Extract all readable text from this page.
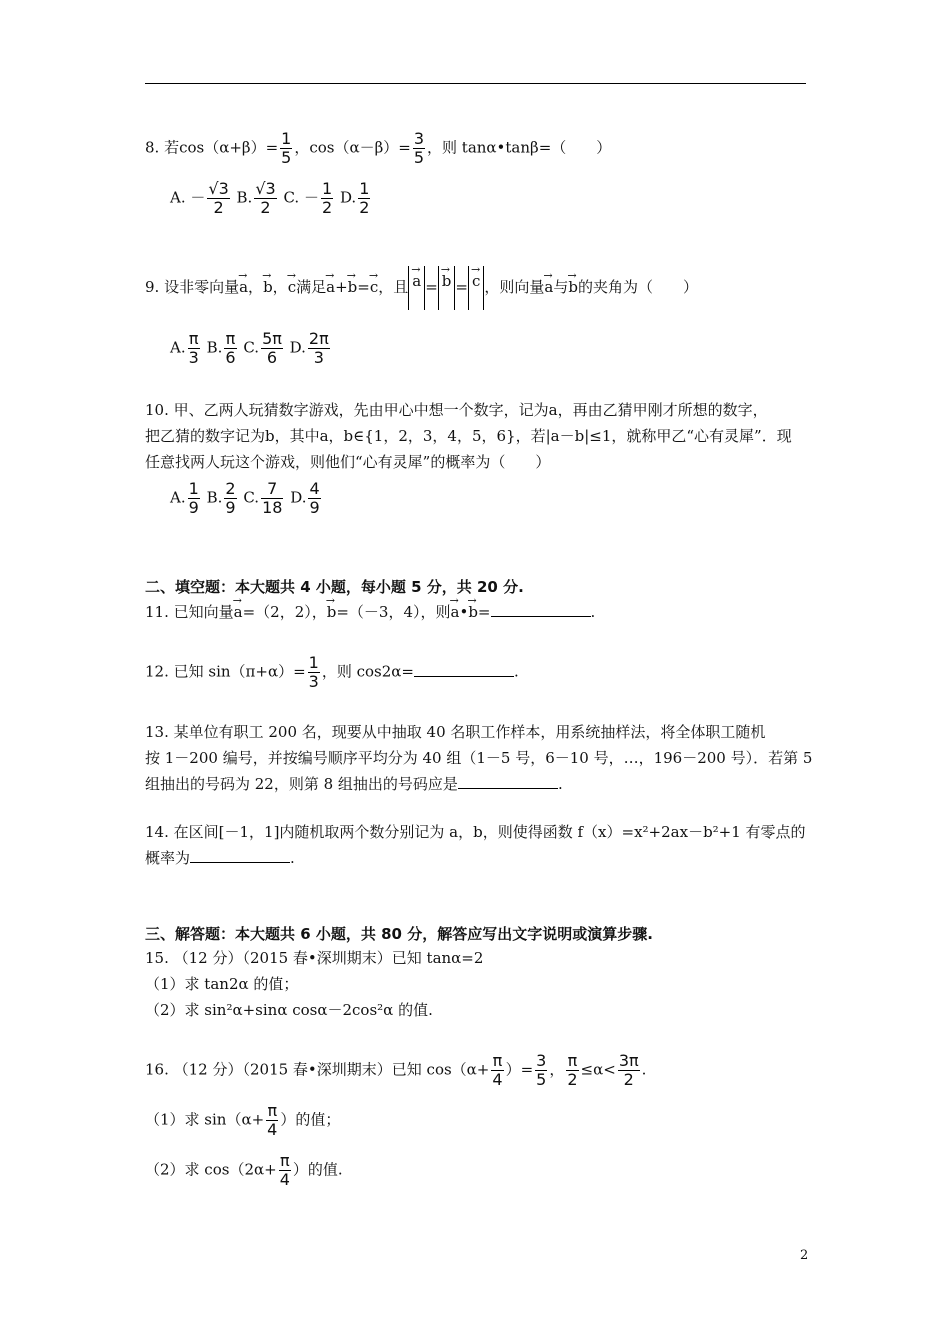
8. 若$\cos(\alpha+\beta)= \frac{1}{5}$ ，$\cos(\alpha-\beta)= \frac{3}{5}$ ，则 tanα•tanβ=（　　）
A. － $\frac{√3}{2} B$. $\frac{√3}{2} C$. － $\frac{1}{2} D$. $\frac{1}{2}$
9. 设非零向量→ a，→ b，→ c满足→ a+→ b=→ c，且 → a = → b = → c ，则向量→ a与→ b的夹角为（　　）
A. $\frac{\pi}{3} B$. $\frac{\pi}{6} C$. $\frac{5\pi}{6} D$. $\frac{2\pi}{3}$
10. 甲、乙两人玩猜数字游戏，先由甲心中想一个数字，记为a，再由乙猜甲刚才所想的数字，
把乙猜的数字记为b，其中a，b∈{1，2，3，4，5，6}，若|a－b|≤1，就称甲乙“心有灵犀”．现
任意找两人玩这个游戏，则他们“心有灵犀”的概率为（　　）
A. $\frac{1}{9} B$. $\frac{2}{9} C$. $\frac{7}{18} D$. $\frac{4}{9}$
二、填空题：本大题共 4 小题，每小题 5 分，共 20 分.
11. 已知向量→ a=（2，2），→ b=（－3，4），则→ a•→ b=	.
12. 已知 $\sin(\pi+\alpha)= \frac{1}{3}$ ，则 cos2α=	.
13. 某单位有职工 200 名，现要从中抽取 40 名职工作样本，用系统抽样法，将全体职工随机
按 1－200 编号，并按编号顺序平均分为 40 组（1－5 号，6－10 号，…，196－200 号）．若第 5
组抽出的号码为 22，则第 8 组抽出的号码应是	.
14. 在区间[－1，1]内随机取两个数分别记为 a，b，则使得函数 f（x）=x²+2ax－b²+1 有零点的
概率为	.
三、解答题：本大题共 6 小题，共 80 分，解答应写出文字说明或演算步骤.
15. （12 分）（2015 春•深圳期末）已知 tanα=2
（1）求 tan2α 的值；
（2）求 sin²α+sinα cosα－2cos²α 的值.
16. （12 分）（2015 春•深圳期末）已知 $\cos(\alpha+ \frac{\pi}{4}$ ）= $\frac{3}{5}$ ， $\frac{\pi}{2} \le\alpha< \frac{3\pi}{2}$ .
（1）求 $\sin(\alpha+ \frac{\pi}{4}$ ）的值；
（2）求 $\cos(2\alpha+ \frac{\pi}{4}$ ）的值.
2
